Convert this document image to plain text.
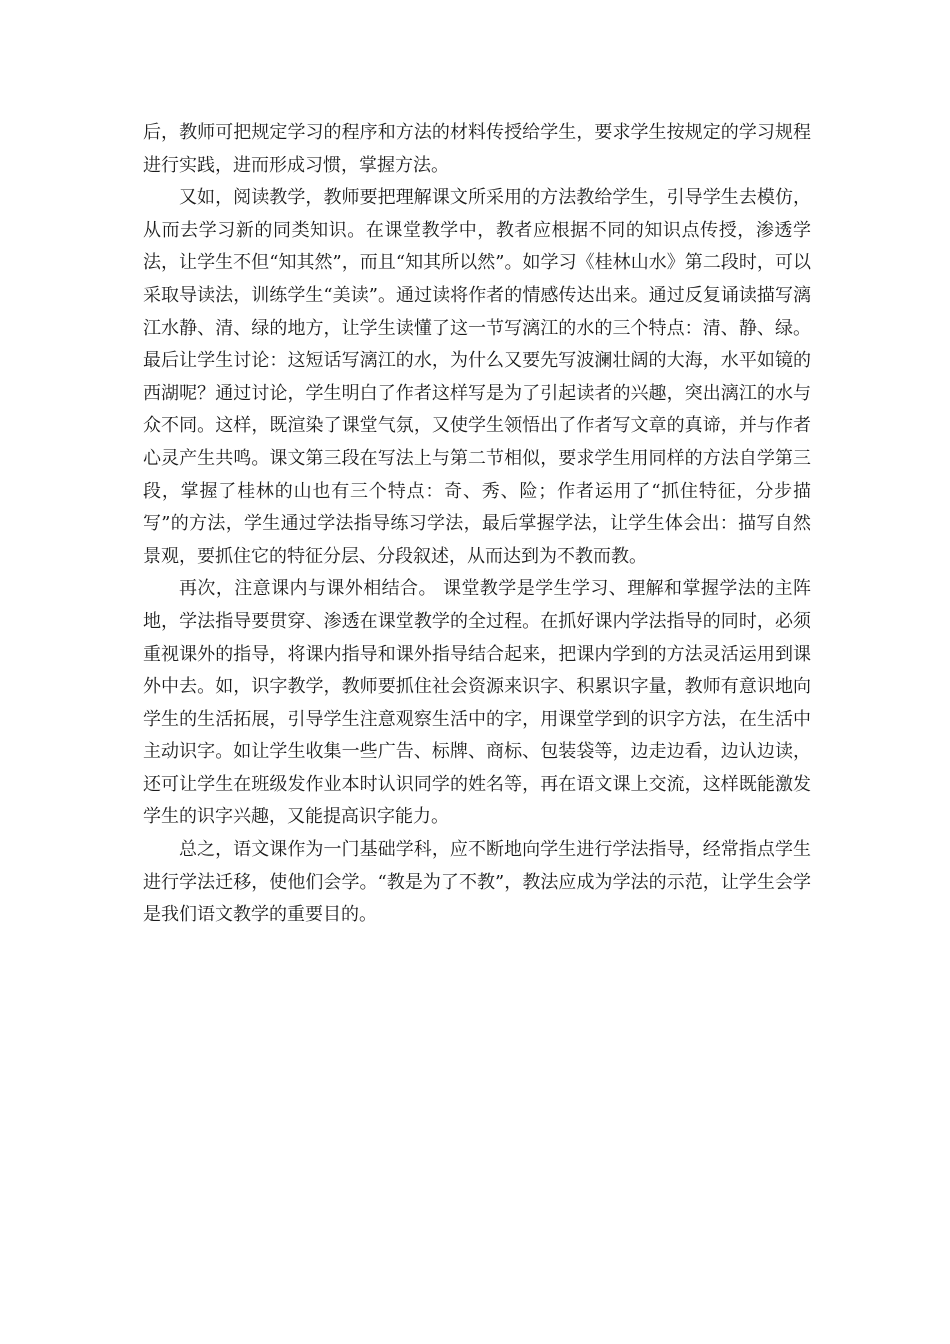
后，教师可把规定学习的程序和方法的材料传授给学生，要求学生按规定的学习规程进行实践，进而形成习惯，掌握方法。

又如，阅读教学，教师要把理解课文所采用的方法教给学生，引导学生去模仿，从而去学习新的同类知识。在课堂教学中，教者应根据不同的知识点传授，渗透学法，让学生不但“知其然”，而且“知其所以然”。如学习《桂林山水》第二段时，可以采取导读法，训练学生“美读”。通过读将作者的情感传达出来。通过反复诵读描写漓江水静、清、绿的地方，让学生读懂了这一节写漓江的水的三个特点：清、静、绿。最后让学生讨论：这短话写漓江的水，为什么又要先写波澜壮阔的大海，水平如镜的西湖呢？通过讨论，学生明白了作者这样写是为了引起读者的兴趣，突出漓江的水与众不同。这样，既渲染了课堂气氛，又使学生领悟出了作者写文章的真谛，并与作者心灵产生共鸣。课文第三段在写法上与第二节相似，要求学生用同样的方法自学第三段，掌握了桂林的山也有三个特点：奇、秀、险；作者运用了“抓住特征，分步描写”的方法，学生通过学法指导练习学法，最后掌握学法，让学生体会出：描写自然景观，要抓住它的特征分层、分段叙述，从而达到为不教而教。

再次，注意课内与课外相结合。 课堂教学是学生学习、理解和掌握学法的主阵地，学法指导要贯穿、渗透在课堂教学的全过程。在抓好课内学法指导的同时，必须重视课外的指导，将课内指导和课外指导结合起来，把课内学到的方法灵活运用到课外中去。如，识字教学，教师要抓住社会资源来识字、积累识字量，教师有意识地向学生的生活拓展，引导学生注意观察生活中的字，用课堂学到的识字方法，在生活中主动识字。如让学生收集一些广告、标牌、商标、包装袋等，边走边看，边认边读，还可让学生在班级发作业本时认识同学的姓名等，再在语文课上交流，这样既能激发学生的识字兴趣，又能提高识字能力。

总之，语文课作为一门基础学科，应不断地向学生进行学法指导，经常指点学生进行学法迁移，使他们会学。“教是为了不教”，教法应成为学法的示范，让学生会学是我们语文教学的重要目的。
